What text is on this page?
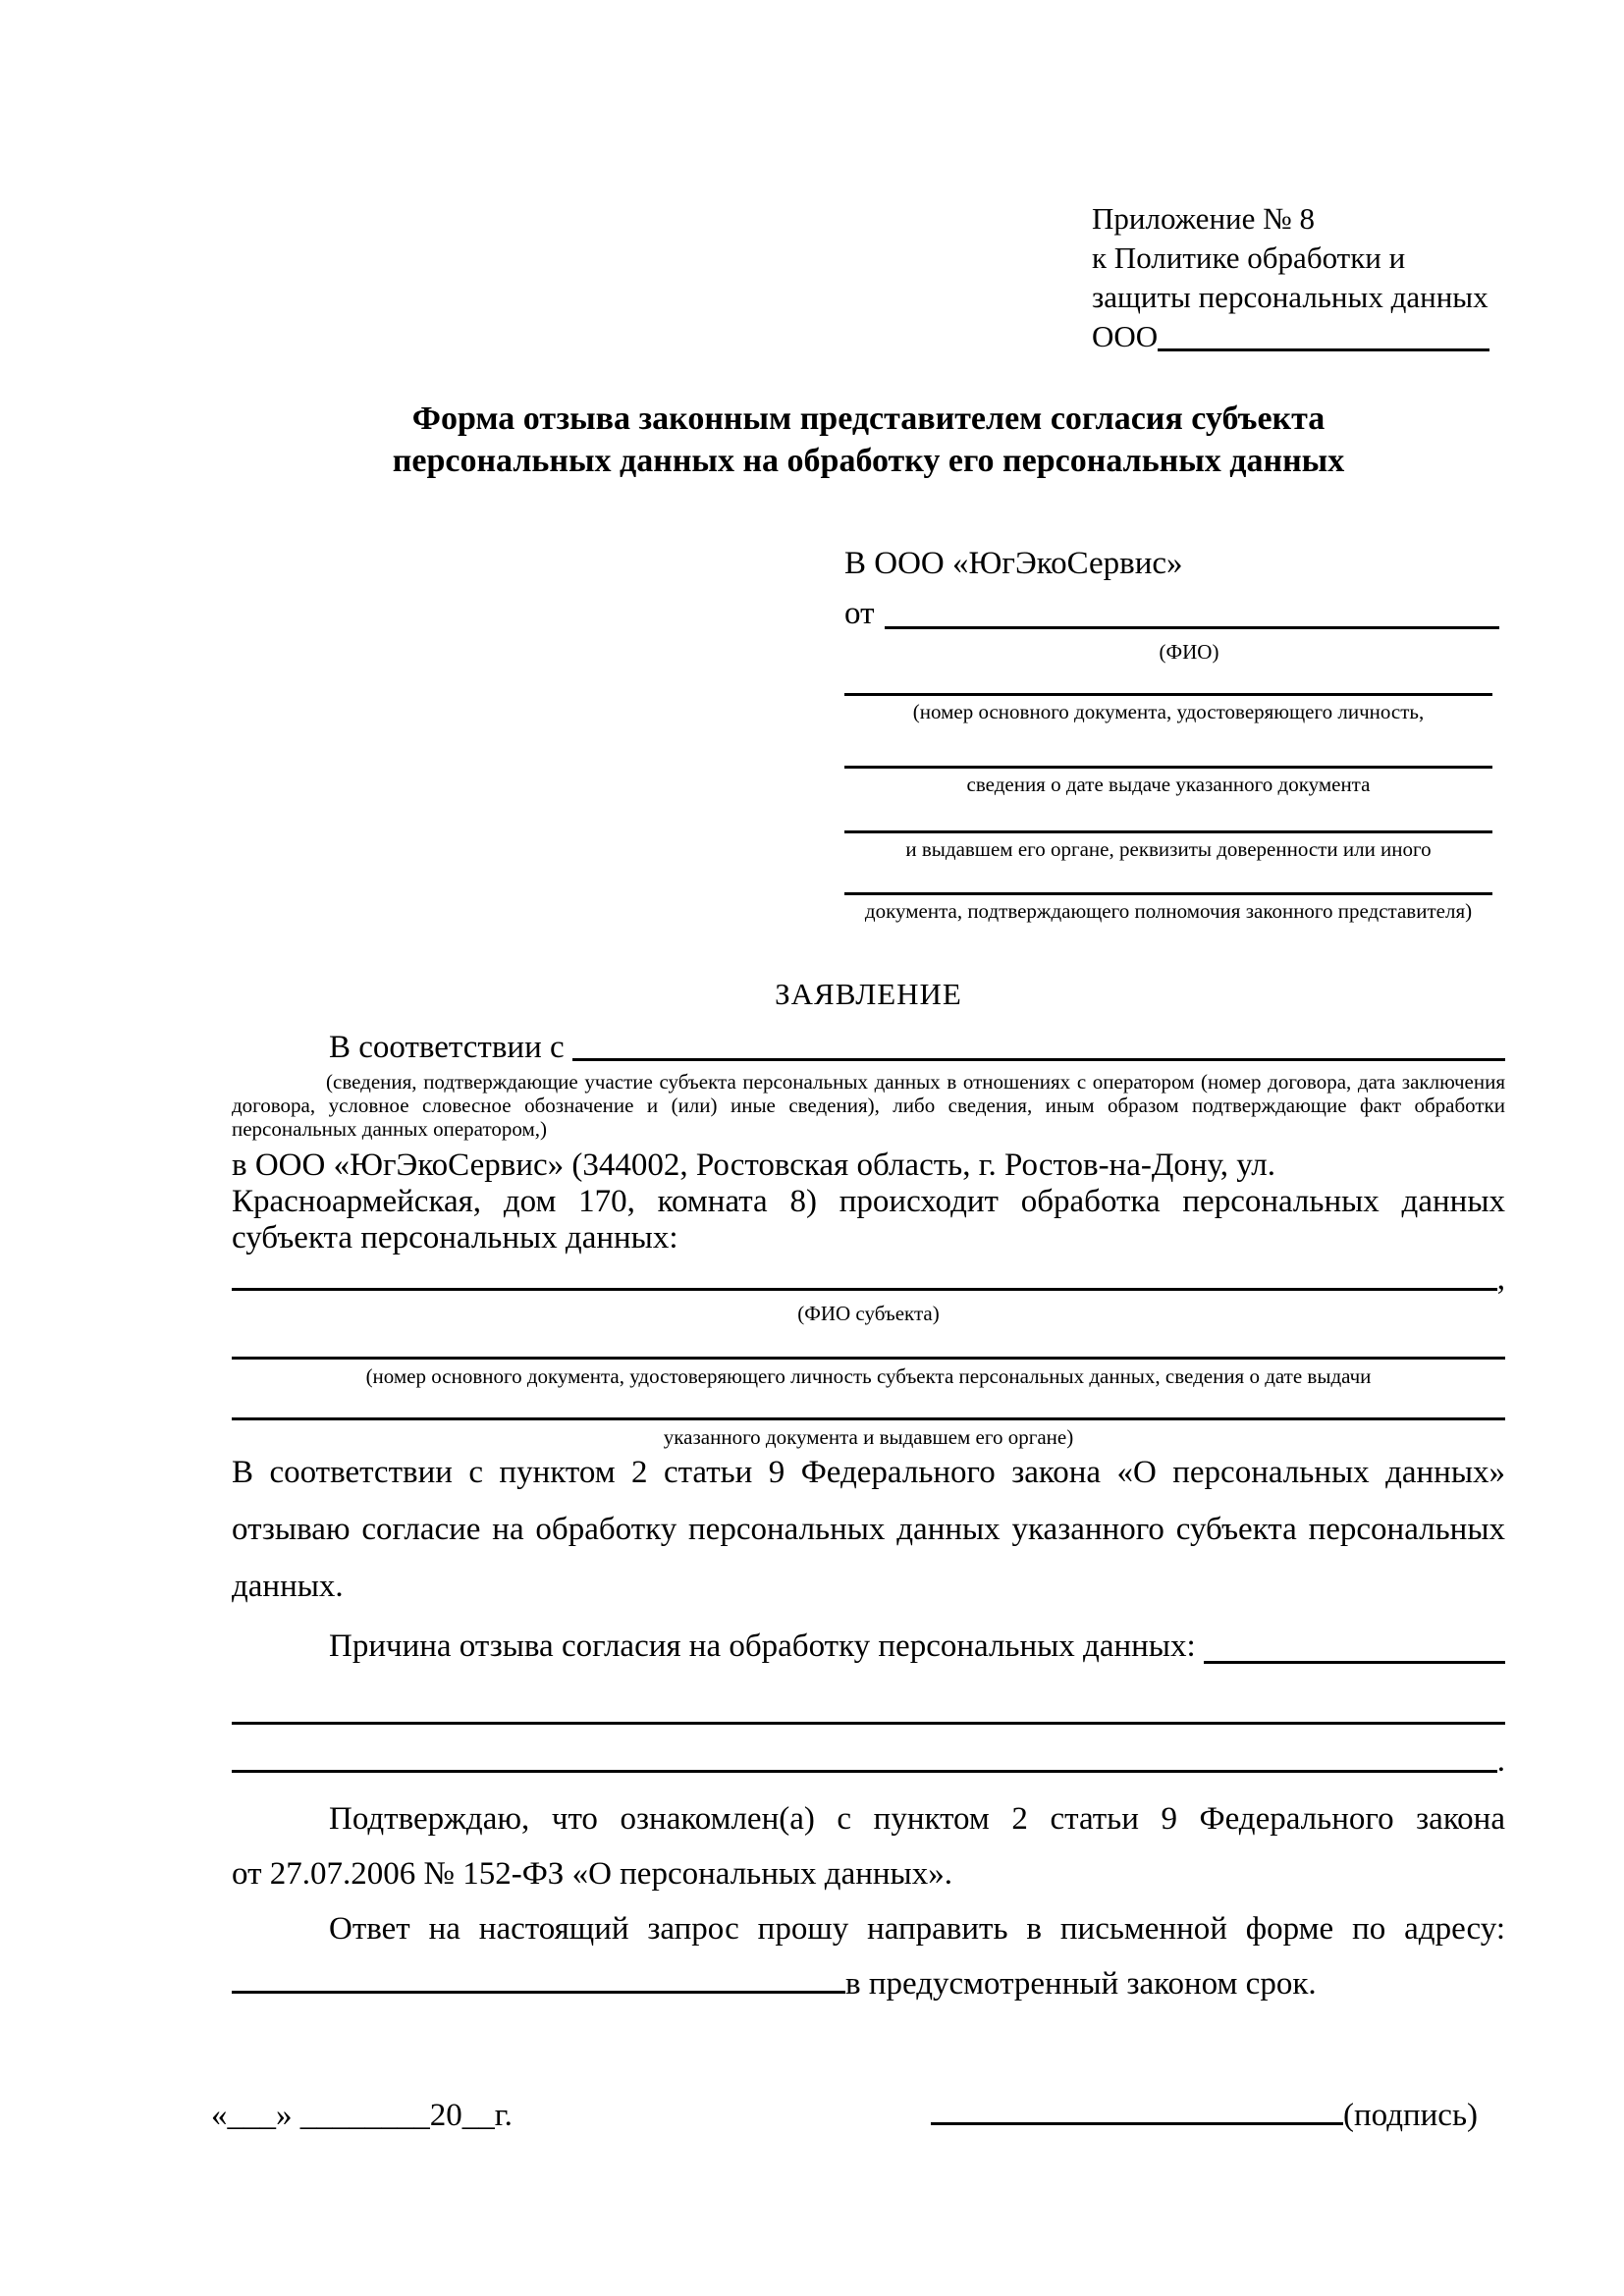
Приложение № 8
к Политике обработки и
защиты персональных данных
ООО
Форма отзыва законным представителем согласия субъекта
персональных данных на обработку его персональных данных
В ООО «ЮгЭкоСервис»
от
(ФИО)
(номер основного документа, удостоверяющего личность,
сведения о дате выдаче указанного документа
и выдавшем его органе, реквизиты доверенности или иного
документа, подтверждающего полномочия законного представителя)
ЗАЯВЛЕНИЕ
В соответствии с
(сведения, подтверждающие участие субъекта персональных данных в отношениях с оператором (номер договора, дата заключения договора, условное словесное обозначение и (или) иные сведения), либо сведения, иным образом подтверждающие факт обработки персональных данных оператором,)
в ООО «ЮгЭкоСервис» (344002, Ростовская область, г. Ростов-на-Дону, ул.
Красноармейская, дом 170, комната 8) происходит обработка персональных данных
субъекта персональных данных:
,
(ФИО субъекта)
(номер основного документа, удостоверяющего личность субъекта персональных данных, сведения о дате выдачи
указанного документа и выдавшем его органе)
В соответствии с пунктом 2 статьи 9 Федерального закона «О персональных данных»
отзываю согласие на обработку персональных данных указанного субъекта персональных
данных.
Причина отзыва согласия на обработку персональных данных:
.
Подтверждаю, что ознакомлен(а) с пунктом 2 статьи 9 Федерального закона
от 27.07.2006 № 152-ФЗ «О персональных данных».
Ответ на настоящий запрос прошу направить в письменной форме по адресу:
в предусмотренный законом срок.
«___» ________20__г.	(подпись)
